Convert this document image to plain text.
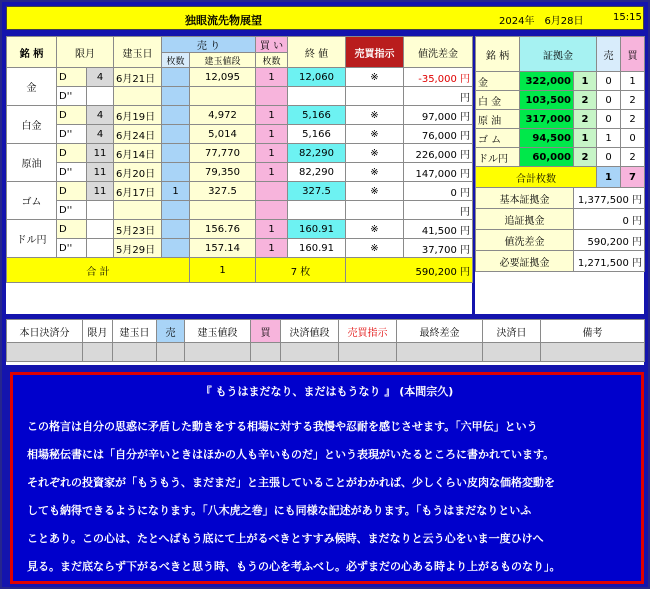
独眼流先物展望	2024年　6月28日	15:15
銘 柄	限月		建玉日	売 り		買 い	終 値	売買指示	値洗差金
				枚数	建玉値段	枚数			
金	D	4	6月21日		12,095	1	12,060	※	-35,000 円
	D''								円
白金	D	4	6月19日		4,972	1	5,166	※	97,000 円
	D''	4	6月24日		5,014	1	5,166	※	76,000 円
原油	D	11	6月14日		77,770	1	82,290	※	226,000 円
	D''	11	6月20日		79,350	1	82,290	※	147,000 円
ゴム	D	11	6月17日	1	327.5		327.5	※	0 円
	D''								円
ドル円	D		5月23日		156.76	1	160.91	※	41,500 円
	D''		5月29日		157.14	1	160.91	※	37,700 円
合 計					1	7 枚		590,200 円	
銘 柄	証拠金		売	買
金	322,000	1	0	1
白 金	103,500	2	0	2
原 油	317,000	2	0	2
ゴ ム	94,500	1	1	0
ドル円	60,000	2	0	2
合計枚数			1	7
基本証拠金		1,377,500 円		
追証拠金		0 円		
値洗差金		590,200 円		
必要証拠金		1,271,500 円		
本日決済分	限月	建玉日	売	建玉値段	買	決済値段	売買指示	最終差金	決済日	備考

『 もうはまだなり、まだはもうなり 』 (本間宗久)
この格言は自分の思惑に矛盾した動きをする相場に対する我慢や忍耐を感じさせます。「六甲伝」という
相場秘伝書には「自分が辛いときはほかの人も辛いものだ」という表現がいたるところに書かれています。
それぞれの投資家が「もうもう、まだまだ」と主張していることがわかれば、少しくらい皮肉な価格変動を
しても納得できるようになります。「八木虎之巻」にも同様な記述があります。「もうはまだなりといふ
ことあり。この心は、たとへばもう底にて上がるべきとすすみ候時、まだなりと云う心をいま一度ひけへ
見る。まだ底ならず下がるべきと思う時、もうの心を考ふべし。必ずまだの心ある時より上がるものなり」。
